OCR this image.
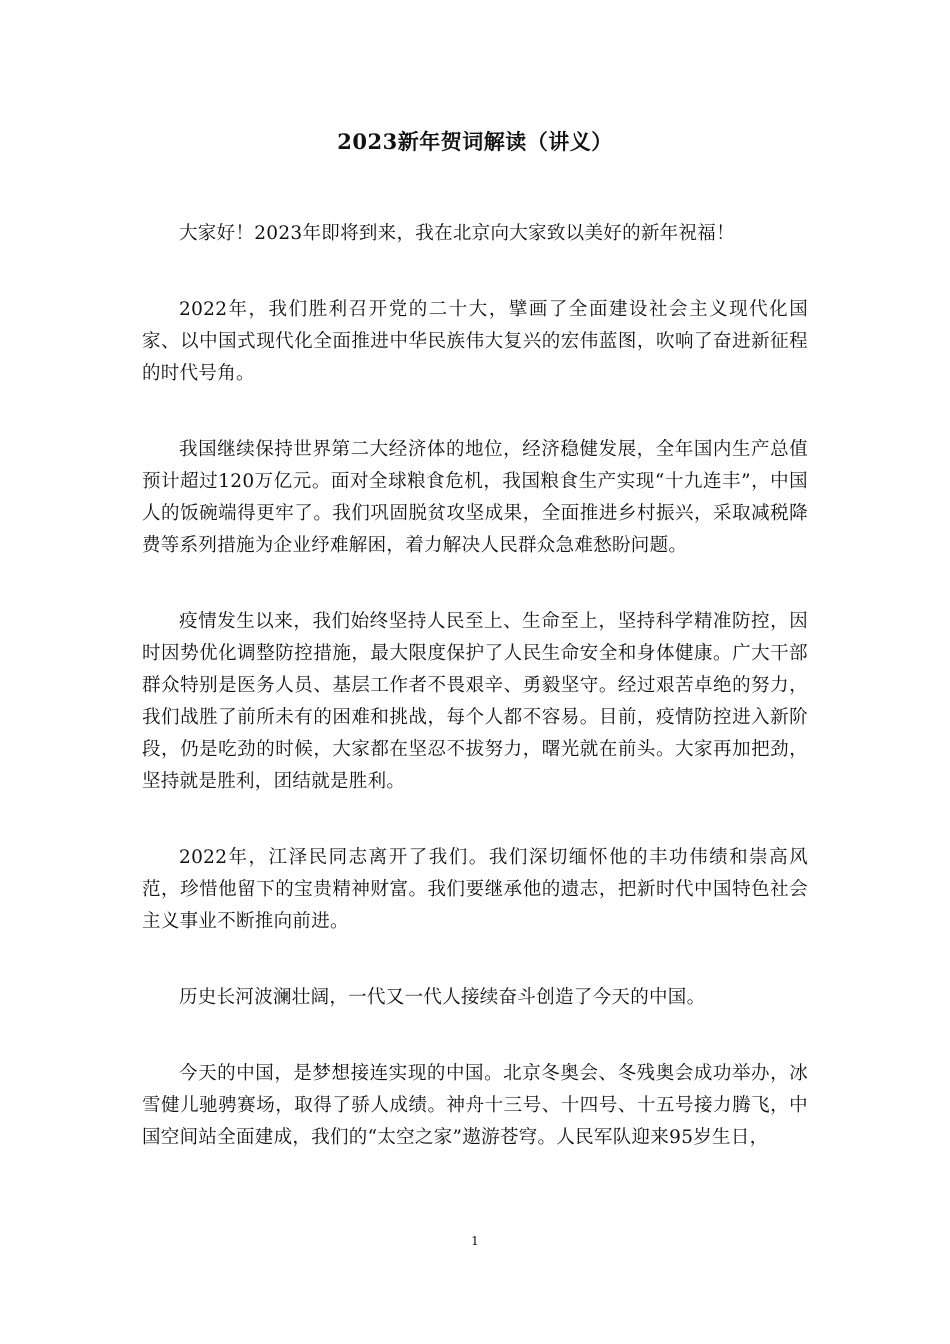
2023新年贺词解读（讲义）

大家好！2023年即将到来，我在北京向大家致以美好的新年祝福！

2022年，我们胜利召开党的二十大，擘画了全面建设社会主义现代化国家、以中国式现代化全面推进中华民族伟大复兴的宏伟蓝图，吹响了奋进新征程的时代号角。

我国继续保持世界第二大经济体的地位，经济稳健发展，全年国内生产总值预计超过120万亿元。面对全球粮食危机，我国粮食生产实现“十九连丰”，中国人的饭碗端得更牢了。我们巩固脱贫攻坚成果，全面推进乡村振兴，采取减税降费等系列措施为企业纾难解困，着力解决人民群众急难愁盼问题。

疫情发生以来，我们始终坚持人民至上、生命至上，坚持科学精准防控，因时因势优化调整防控措施，最大限度保护了人民生命安全和身体健康。广大干部群众特别是医务人员、基层工作者不畏艰辛、勇毅坚守。经过艰苦卓绝的努力，我们战胜了前所未有的困难和挑战，每个人都不容易。目前，疫情防控进入新阶段，仍是吃劲的时候，大家都在坚忍不拔努力，曙光就在前头。大家再加把劲，坚持就是胜利，团结就是胜利。

2022年，江泽民同志离开了我们。我们深切缅怀他的丰功伟绩和崇高风范，珍惜他留下的宝贵精神财富。我们要继承他的遗志，把新时代中国特色社会主义事业不断推向前进。

历史长河波澜壮阔，一代又一代人接续奋斗创造了今天的中国。

今天的中国，是梦想接连实现的中国。北京冬奥会、冬残奥会成功举办，冰雪健儿驰骋赛场，取得了骄人成绩。神舟十三号、十四号、十五号接力腾飞，中国空间站全面建成，我们的“太空之家”遨游苍穹。人民军队迎来95岁生日，

1
